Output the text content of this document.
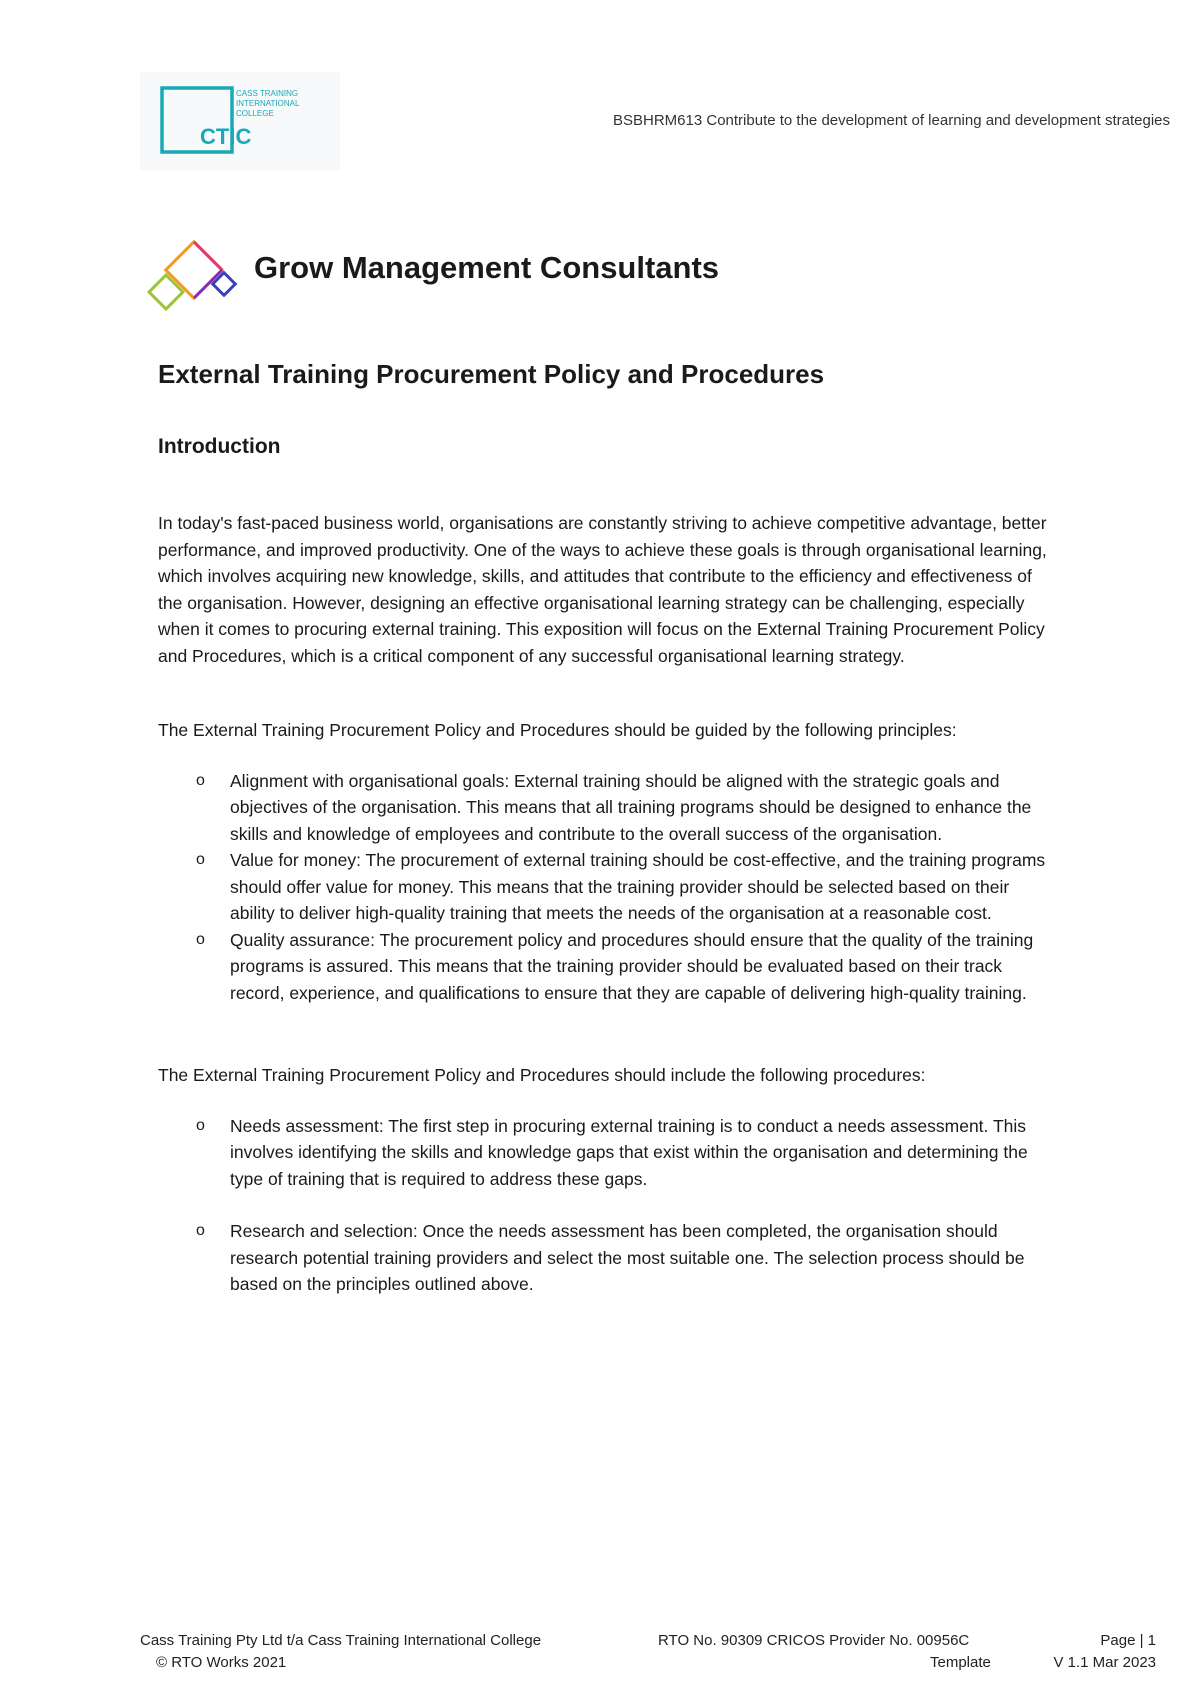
CASS TRAINING
INTERNATIONAL
COLLEGE
CTIC
BSBHRM613 Contribute to the development of learning and development strategies
Grow Management Consultants
External Training Procurement Policy and Procedures
Introduction

In today's fast-paced business world, organisations are constantly striving to achieve competitive advantage, better performance, and improved productivity. One of the ways to achieve these goals is through organisational learning, which involves acquiring new knowledge, skills, and attitudes that contribute to the efficiency and effectiveness of the organisation. However, designing an effective organisational learning strategy can be challenging, especially when it comes to procuring external training. This exposition will focus on the External Training Procurement Policy and Procedures, which is a critical component of any successful organisational learning strategy.

The External Training Procurement Policy and Procedures should be guided by the following principles:

o Alignment with organisational goals: External training should be aligned with the strategic goals and objectives of the organisation. This means that all training programs should be designed to enhance the skills and knowledge of employees and contribute to the overall success of the organisation.
o Value for money: The procurement of external training should be cost-effective, and the training programs should offer value for money. This means that the training provider should be selected based on their ability to deliver high-quality training that meets the needs of the organisation at a reasonable cost.
o Quality assurance: The procurement policy and procedures should ensure that the quality of the training programs is assured. This means that the training provider should be evaluated based on their track record, experience, and qualifications to ensure that they are capable of delivering high-quality training.

The External Training Procurement Policy and Procedures should include the following procedures:

o Needs assessment: The first step in procuring external training is to conduct a needs assessment. This involves identifying the skills and knowledge gaps that exist within the organisation and determining the type of training that is required to address these gaps.
o Research and selection: Once the needs assessment has been completed, the organisation should research potential training providers and select the most suitable one. The selection process should be based on the principles outlined above.
Cass Training Pty Ltd t/a Cass Training International College
© RTO Works 2021
RTO No. 90309 CRICOS Provider No. 00956C
Template
Page | 1
V 1.1 Mar 2023
